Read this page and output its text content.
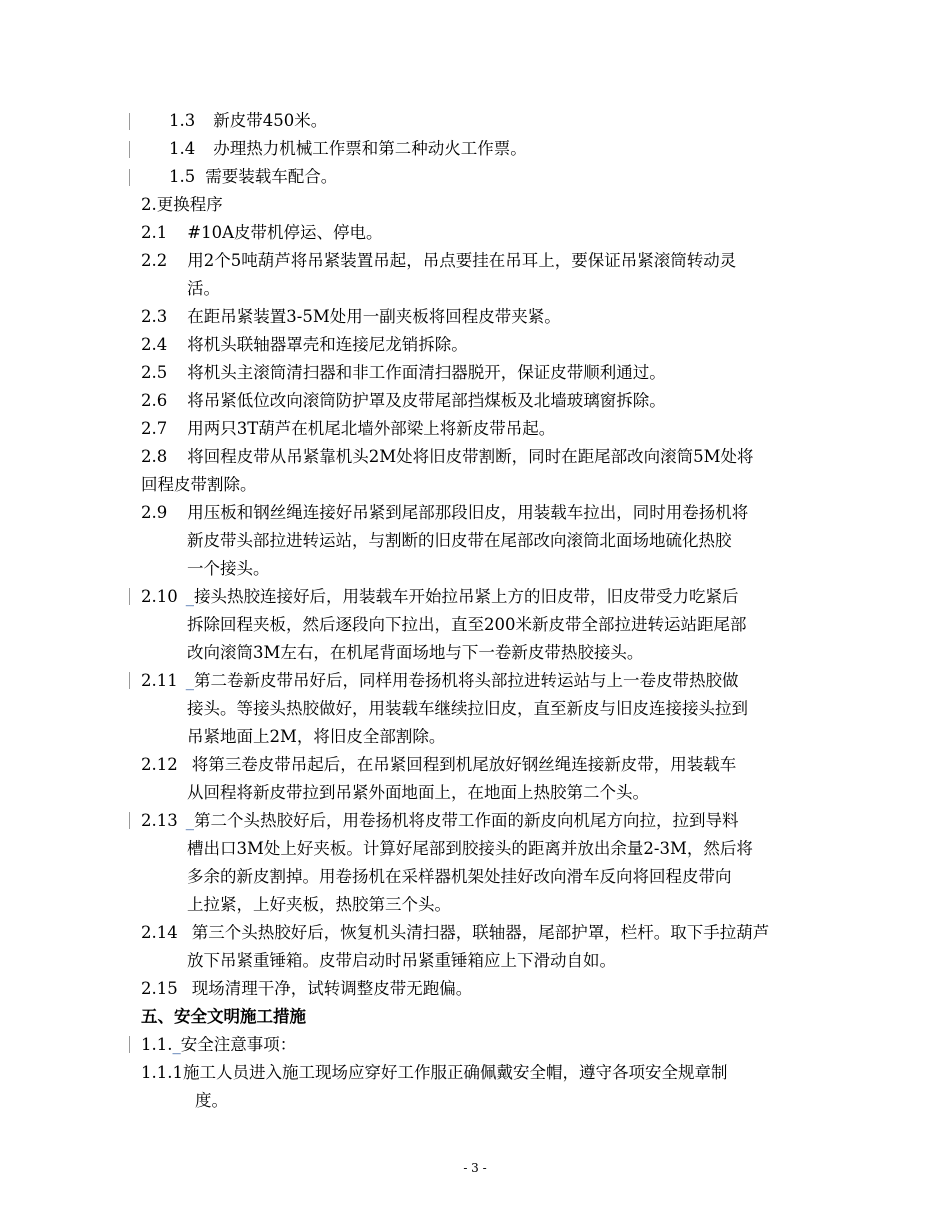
1.3 新皮带450米。
1.4 办理热力机械工作票和第二种动火工作票。
1.5 需要装载车配合。
2.更换程序
2.1 #10A皮带机停运、停电。
2.2 用2个5吨葫芦将吊紧装置吊起，吊点要挂在吊耳上，要保证吊紧滚筒转动灵
活。
2.3 在距吊紧装置3-5M处用一副夹板将回程皮带夹紧。
2.4 将机头联轴器罩壳和连接尼龙销拆除。
2.5 将机头主滚筒清扫器和非工作面清扫器脱开，保证皮带顺利通过。
2.6 将吊紧低位改向滚筒防护罩及皮带尾部挡煤板及北墙玻璃窗拆除。
2.7 用两只3T葫芦在机尾北墙外部梁上将新皮带吊起。
2.8 将回程皮带从吊紧靠机头2M处将旧皮带割断，同时在距尾部改向滚筒5M处将
回程皮带割除。
2.9 用压板和钢丝绳连接好吊紧到尾部那段旧皮，用装载车拉出，同时用卷扬机将
新皮带头部拉进转运站，与割断的旧皮带在尾部改向滚筒北面场地硫化热胶
一个接头。
2.10 _接头热胶连接好后，用装载车开始拉吊紧上方的旧皮带，旧皮带受力吃紧后
拆除回程夹板，然后逐段向下拉出，直至200米新皮带全部拉进转运站距尾部
改向滚筒3M左右，在机尾背面场地与下一卷新皮带热胶接头。
2.11 _第二卷新皮带吊好后，同样用卷扬机将头部拉进转运站与上一卷皮带热胶做
接头。等接头热胶做好，用装载车继续拉旧皮，直至新皮与旧皮连接接头拉到
吊紧地面上2M，将旧皮全部割除。
2.12 将第三卷皮带吊起后，在吊紧回程到机尾放好钢丝绳连接新皮带，用装载车
从回程将新皮带拉到吊紧外面地面上，在地面上热胶第二个头。
2.13 _第二个头热胶好后，用卷扬机将皮带工作面的新皮向机尾方向拉，拉到导料
槽出口3M处上好夹板。计算好尾部到胶接头的距离并放出余量2-3M，然后将
多余的新皮割掉。用卷扬机在采样器机架处挂好改向滑车反向将回程皮带向
上拉紧，上好夹板，热胶第三个头。
2.14 第三个头热胶好后，恢复机头清扫器，联轴器，尾部护罩，栏杆。取下手拉葫芦
放下吊紧重锤箱。皮带启动时吊紧重锤箱应上下滑动自如。
2.15 现场清理干净，试转调整皮带无跑偏。
五、安全文明施工措施
1.1._安全注意事项：
1.1.1施工人员进入施工现场应穿好工作服正确佩戴安全帽，遵守各项安全规章制
度。
- 3 -
